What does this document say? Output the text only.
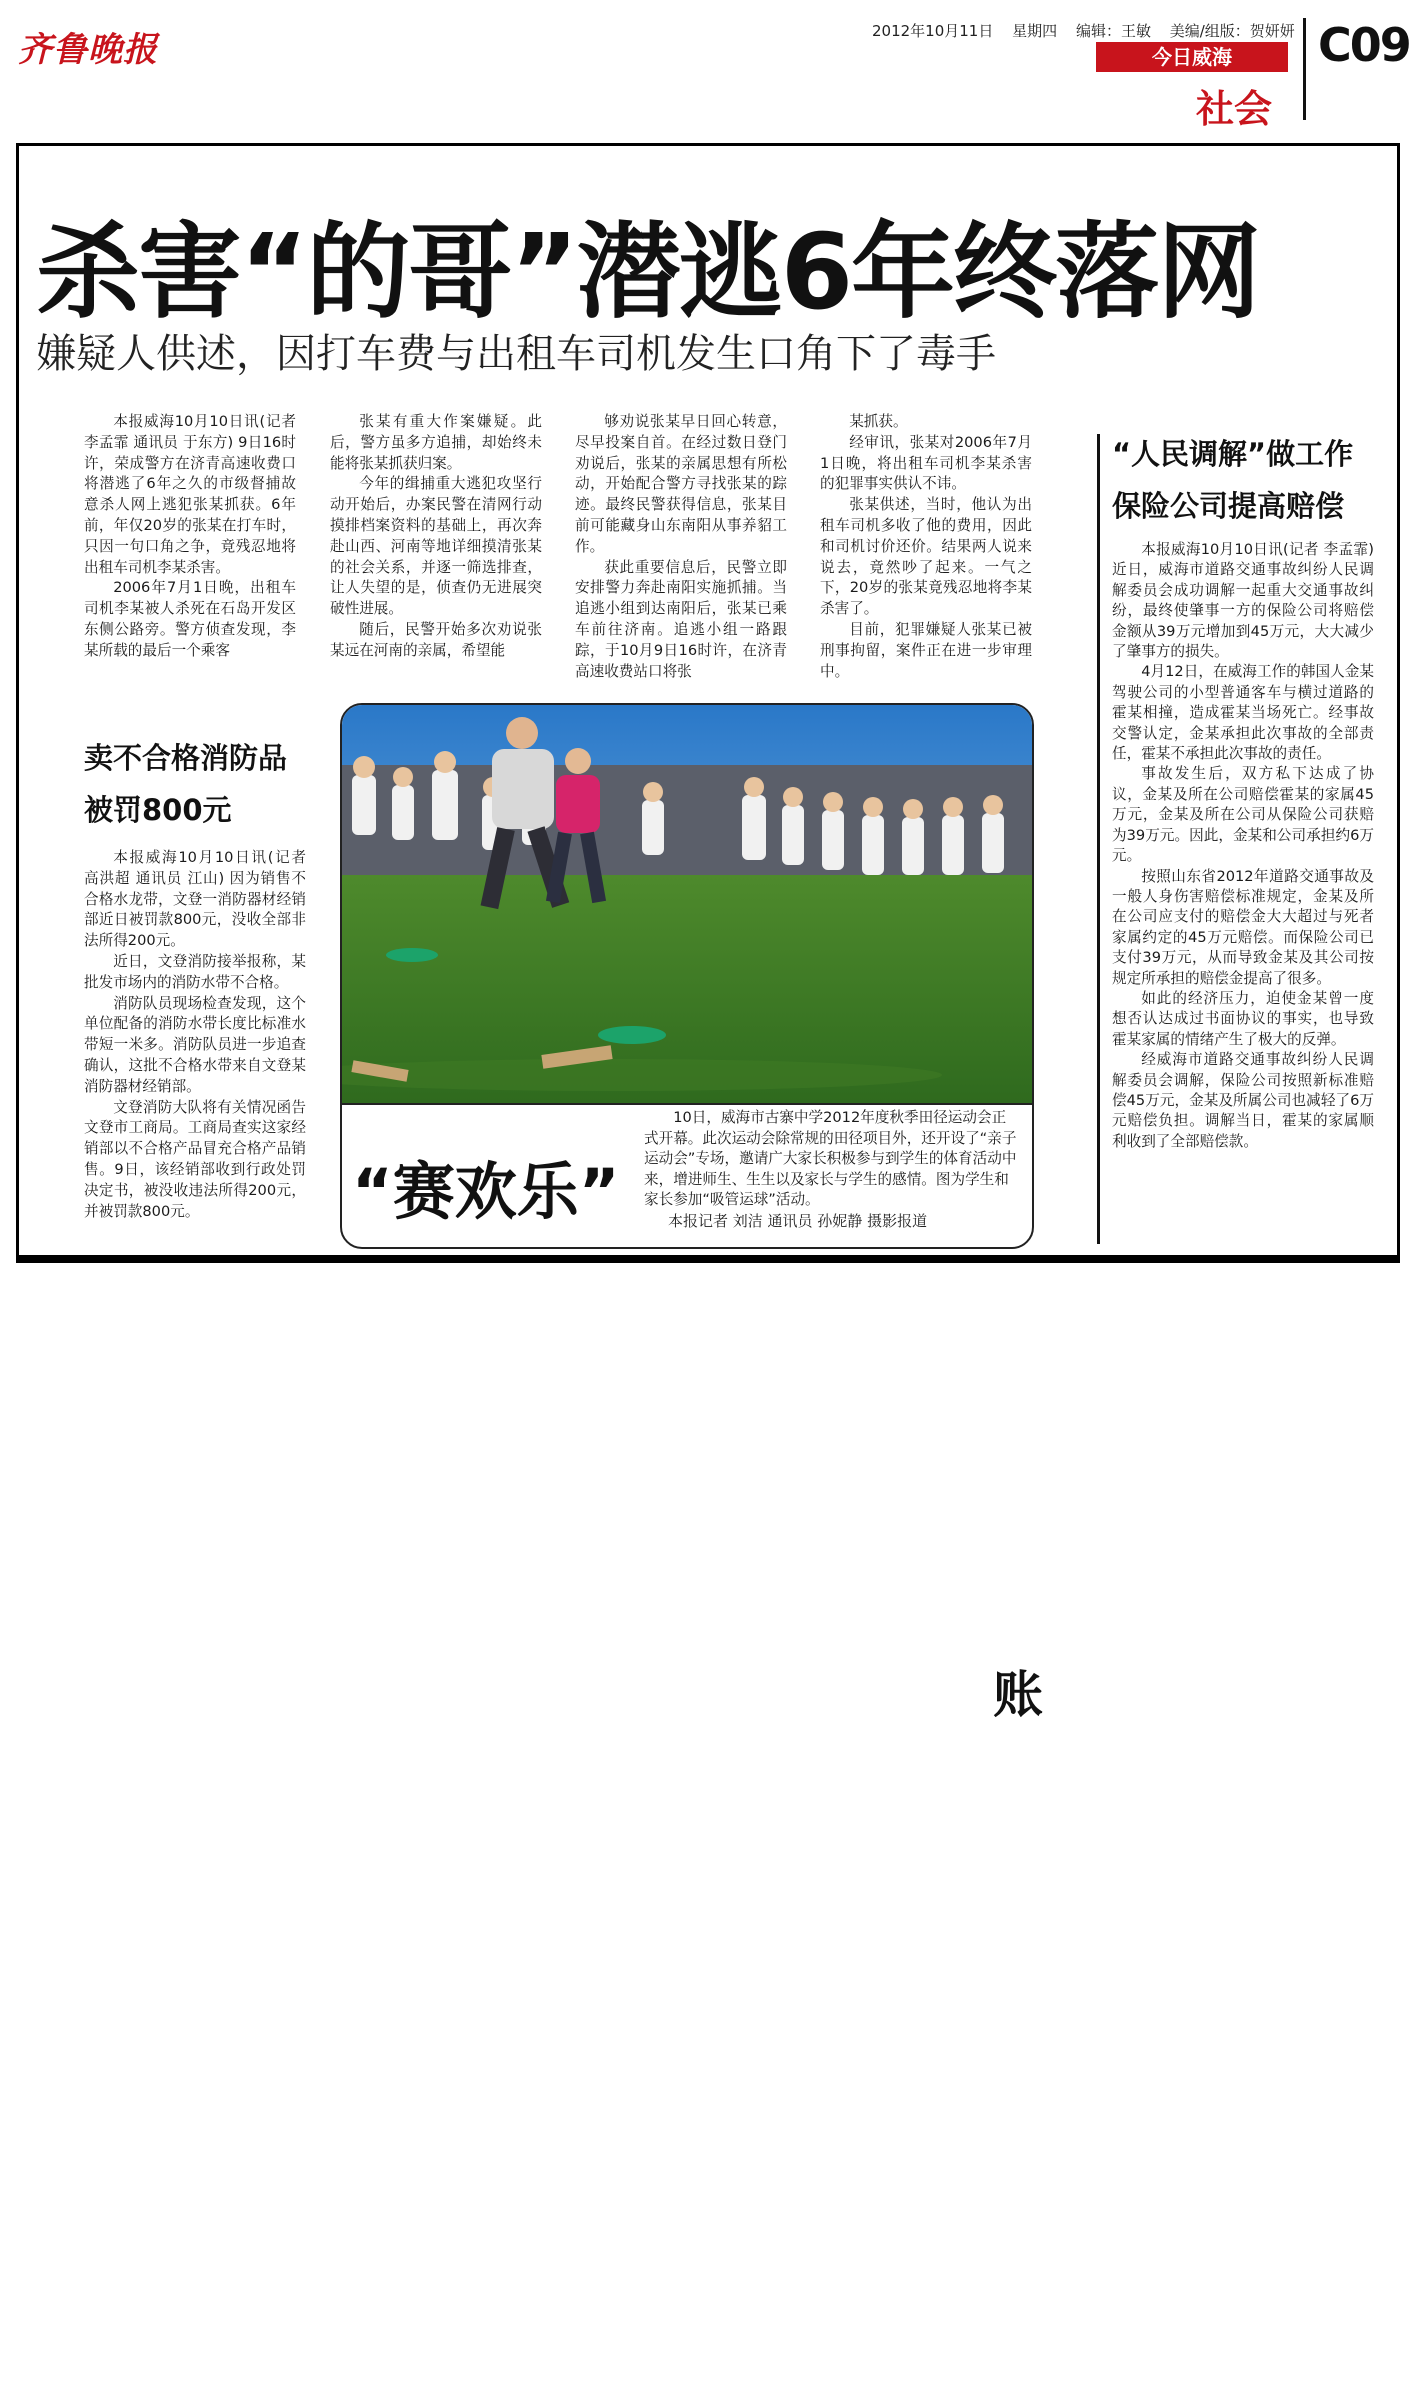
齐鲁晚报	2012年10月11日 星期四 编辑：王敏 美编/组版：贺妍妍
今日威海
社会
C09
杀害“的哥”潜逃6年终落网
嫌疑人供述，因打车费与出租车司机发生口角下了毒手

本报威海10月10日讯(记者 李孟霏 通讯员 于东方) 9日16时许，荣成警方在济青高速收费口将潜逃了6年之久的市级督捕故意杀人网上逃犯张某抓获。6年前，年仅20岁的张某在打车时，只因一句口角之争，竟残忍地将出租车司机李某杀害。

2006年7月1日晚，出租车司机李某被人杀死在石岛开发区东侧公路旁。警方侦查发现，李某所载的最后一个乘客

张某有重大作案嫌疑。此后，警方虽多方追捕，却始终未能将张某抓获归案。

今年的缉捕重大逃犯攻坚行动开始后，办案民警在清网行动摸排档案资料的基础上，再次奔赴山西、河南等地详细摸清张某的社会关系，并逐一筛选排查，让人失望的是，侦查仍无进展突破性进展。

随后，民警开始多次劝说张某远在河南的亲属，希望能

够劝说张某早日回心转意，尽早投案自首。在经过数日登门劝说后，张某的亲属思想有所松动，开始配合警方寻找张某的踪迹。最终民警获得信息，张某目前可能藏身山东南阳从事养貂工作。

获此重要信息后，民警立即安排警力奔赴南阳实施抓捕。当追逃小组到达南阳后，张某已乘车前往济南。追逃小组一路跟踪，于10月9日16时许，在济青高速收费站口将张

某抓获。

经审讯，张某对2006年7月1日晚，将出租车司机李某杀害的犯罪事实供认不讳。

张某供述，当时，他认为出租车司机多收了他的费用，因此和司机讨价还价。结果两人说来说去，竟然吵了起来。一气之下，20岁的张某竟残忍地将李某杀害了。

目前，犯罪嫌疑人张某已被刑事拘留，案件正在进一步审理中。

卖不合格消防品
被罚800元

本报威海10月10日讯(记者 高洪超 通讯员 江山) 因为销售不合格水龙带，文登一消防器材经销部近日被罚款800元，没收全部非法所得200元。

近日，文登消防接举报称，某批发市场内的消防水带不合格。

消防队员现场检查发现，这个单位配备的消防水带长度比标准水带短一米多。消防队员进一步追查确认，这批不合格水带来自文登某消防器材经销部。

文登消防大队将有关情况函告文登市工商局。工商局查实这家经销部以不合格产品冒充合格产品销售。9日，该经销部收到行政处罚决定书，被没收违法所得200元，并被罚款800元。

“人民调解”做工作
保险公司提高赔偿

本报威海10月10日讯(记者 李孟霏) 近日，威海市道路交通事故纠纷人民调解委员会成功调解一起重大交通事故纠纷，最终使肇事一方的保险公司将赔偿金额从39万元增加到45万元，大大减少了肇事方的损失。

4月12日，在威海工作的韩国人金某驾驶公司的小型普通客车与横过道路的霍某相撞，造成霍某当场死亡。经事故交警认定，金某承担此次事故的全部责任，霍某不承担此次事故的责任。

事故发生后，双方私下达成了协议，金某及所在公司赔偿霍某的家属45万元，金某及所在公司从保险公司获赔为39万元。因此，金某和公司承担约6万元。

按照山东省2012年道路交通事故及一般人身伤害赔偿标准规定，金某及所在公司应支付的赔偿金大大超过与死者家属约定的45万元赔偿。而保险公司已支付39万元，从而导致金某及其公司按规定所承担的赔偿金提高了很多。

如此的经济压力，迫使金某曾一度想否认达成过书面协议的事实，也导致霍某家属的情绪产生了极大的反弹。

经威海市道路交通事故纠纷人民调解委员会调解，保险公司按照新标准赔偿45万元，金某及所属公司也减轻了6万元赔偿负担。调解当日，霍某的家属顺利收到了全部赔偿款。

“赛欢乐”

10日，威海市古寨中学2012年度秋季田径运动会正式开幕。此次运动会除常规的田径项目外，还开设了“亲子运动会”专场，邀请广大家长积极参与到学生的体育活动中来，增进师生、生生以及家长与学生的感情。图为学生和家长参加“吸管运球”活动。

本报记者 刘洁 通讯员 孙妮静 摄影报道
账
